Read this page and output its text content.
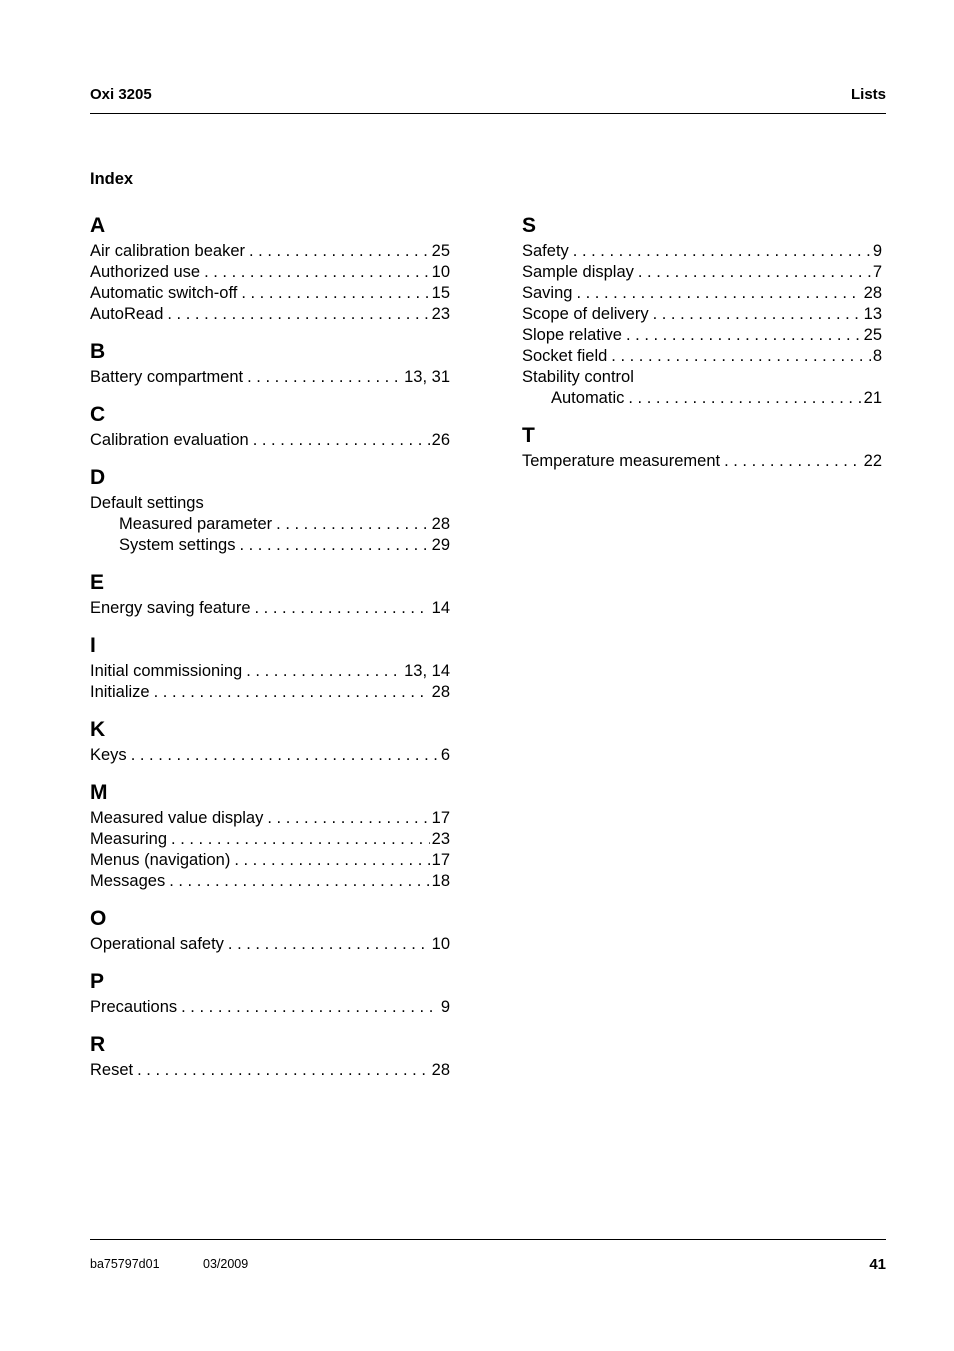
Oxi 3205	Lists
Index
A
Air calibration beaker . . .	25
Authorized use . . .	10
Automatic switch-off . . .	15
AutoRead . . .	23
B
Battery compartment . . .	13, 31
C
Calibration evaluation . . .	26
D
Default settings
Measured parameter . . .	28
System settings . . .	29
E
Energy saving feature . . .	14
I
Initial commissioning . . .	13, 14
Initialize . . .	28
K
Keys . . .	6
M
Measured value display . . .	17
Measuring . . .	23
Menus (navigation) . . .	17
Messages . . .	18
O
Operational safety . . .	10
P
Precautions . . .	9
R
Reset . . .	28
S
Safety . . .	9
Sample display . . .	7
Saving . . .	28
Scope of delivery . . .	13
Slope relative . . .	25
Socket field . . .	8
Stability control
Automatic . . .	21
T
Temperature measurement . . .	22
ba75797d01	03/2009	41
